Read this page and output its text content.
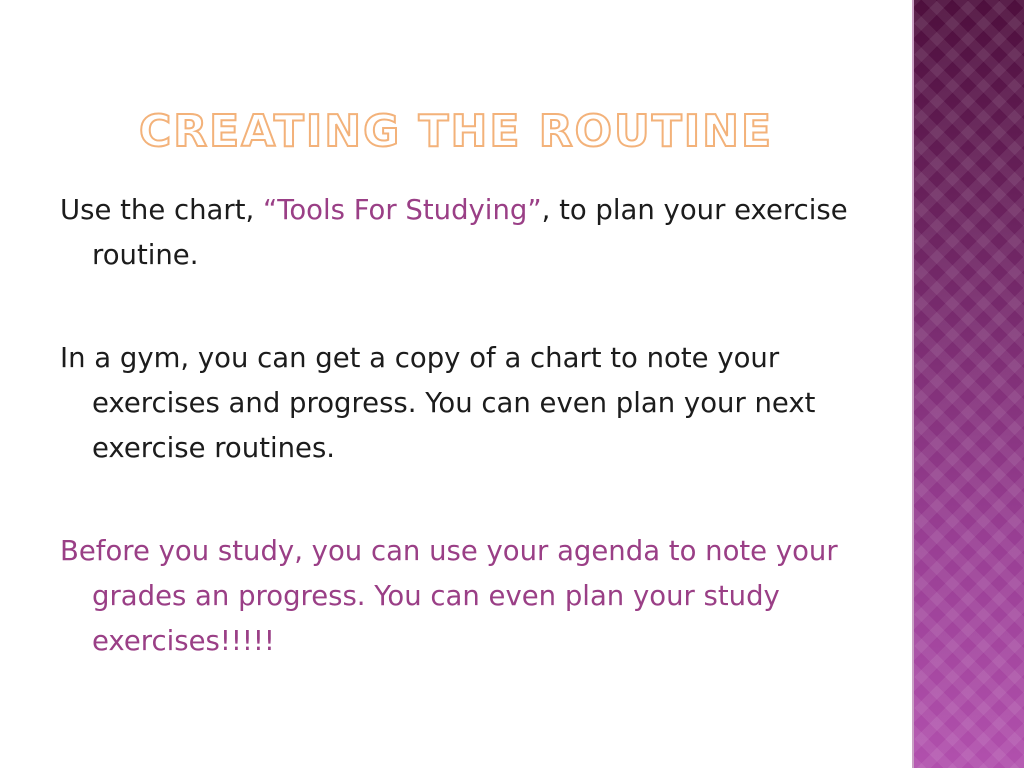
CREATING THE ROUTINE

Use the chart, “Tools For Studying”, to plan your exercise routine.

In a gym, you can get a copy of a chart to note your exercises and progress. You can even plan your next exercise routines.

Before you study, you can use your agenda to note your grades an progress. You can even plan your study exercises!!!!!
